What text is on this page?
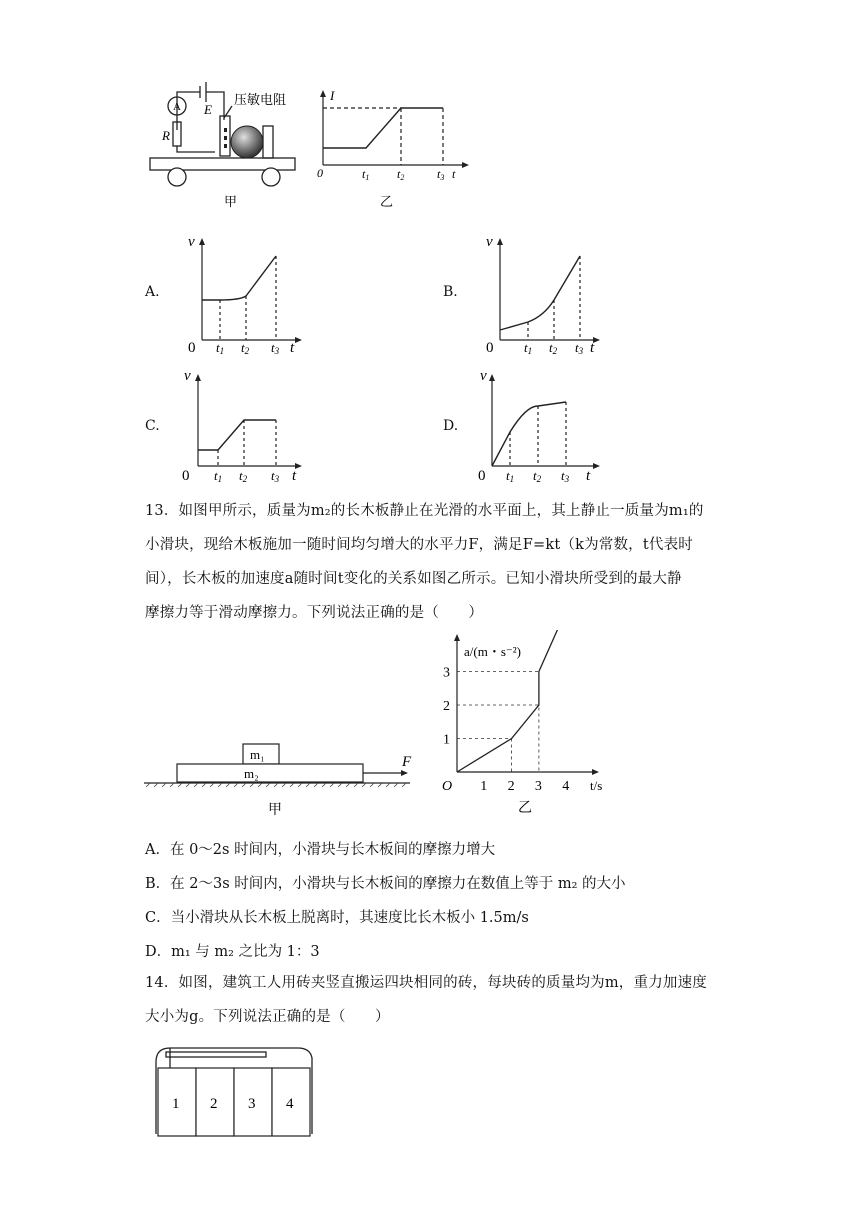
A E
R
压敏电阻
甲
I
0	t1 t2	t3 t
乙
A.
v
0 t1 t2 t3 t
B.
v
0 t1 t2 t3 t
C.
v
0 t1 t2 t3 t
D.
v
0 t1 t2 t3 t
13．如图甲所示，质量为m₂的长木板静止在光滑的水平面上，其上静止一质量为m₁的
小滑块，现给木板施加一随时间均匀增大的水平力F，满足F=kt（k为常数，t代表时
间），长木板的加速度a随时间t变化的关系如图乙所示。已知小滑块所受到的最大静
摩擦力等于滑动摩擦力。下列说法正确的是（　　）
m₁
m₂
F
甲
1
2
3
1 2 3 4
a/(m・s⁻²)
t/s
O
乙
A．在 0～2s 时间内，小滑块与长木板间的摩擦力增大
B．在 2～3s 时间内，小滑块与长木板间的摩擦力在数值上等于 m₂ 的大小
C．当小滑块从长木板上脱离时，其速度比长木板小 1.5m/s
D．m₁ 与 m₂ 之比为 1：3
14．如图，建筑工人用砖夹竖直搬运四块相同的砖，每块砖的质量均为m，重力加速度
大小为g。下列说法正确的是（　　）
1 2 3 4
